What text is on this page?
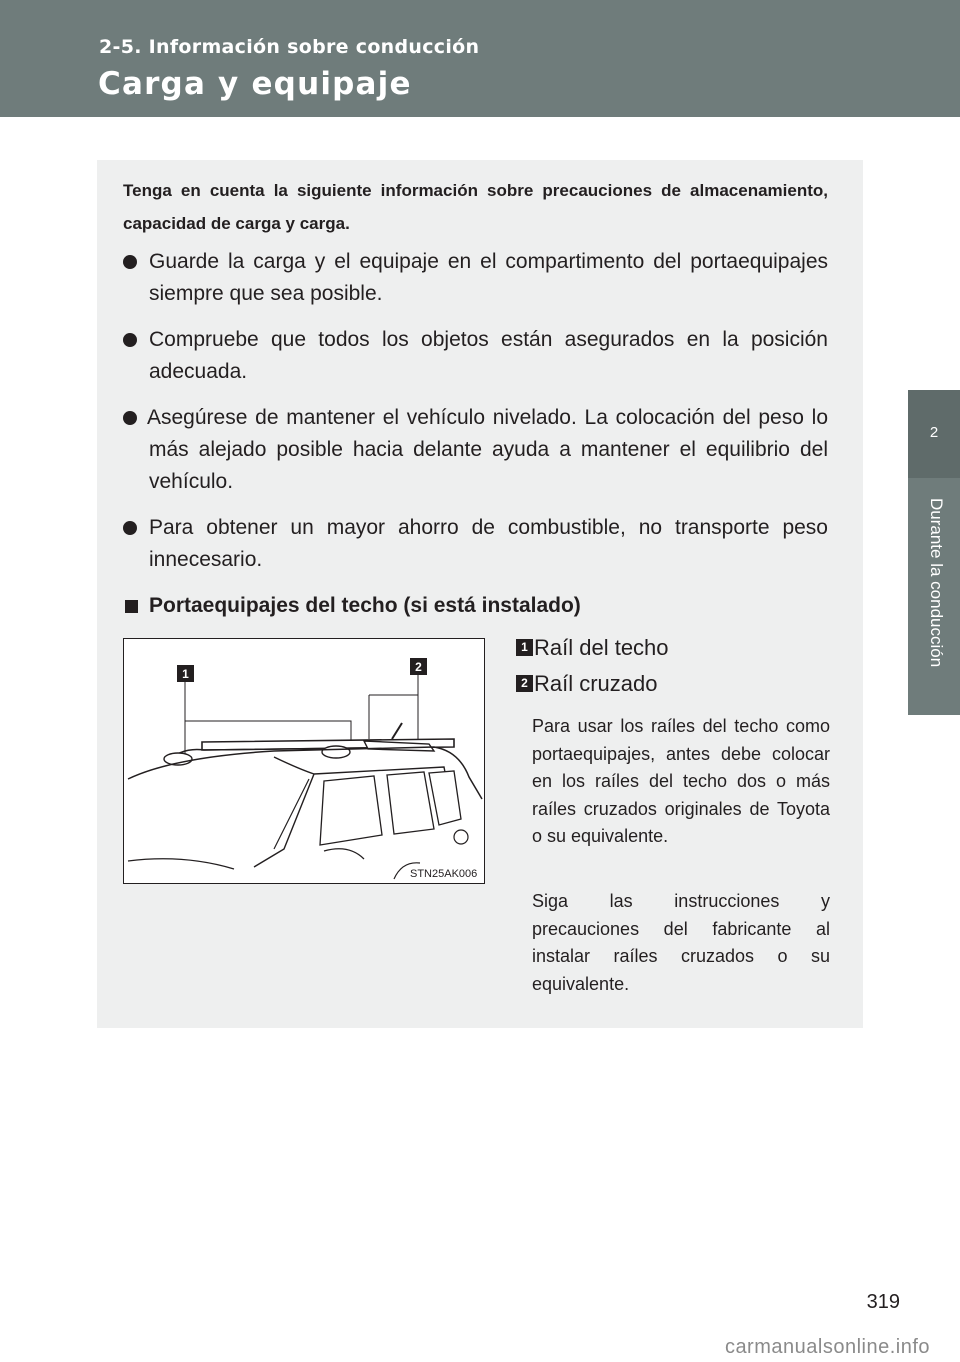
2-5. Información sobre conducción
Carga y equipaje
2
Durante la conducción
Tenga en cuenta la siguiente información sobre precauciones de almacenamiento, capacidad de carga y carga.
Guarde la carga y el equipaje en el compartimento del portaequipajes siempre que sea posible.
Compruebe que todos los objetos están asegurados en la posición adecuada.
Asegúrese de mantener el vehículo nivelado. La colocación del peso lo más alejado posible hacia delante ayuda a mantener el equilibrio del vehículo.
Para obtener un mayor ahorro de combustible, no transporte peso innecesario.
Portaequipajes del techo (si está instalado)
1	2
STN25AK006
1 Raíl del techo
2 Raíl cruzado
Para usar los raíles del techo como portaequipajes, antes debe colocar en los raíles del techo dos o más raíles cruzados originales de Toyota o su equivalente.
Siga las instrucciones y precauciones del fabricante al instalar raíles cruzados o su equivalente.
319
carmanualsonline.info
